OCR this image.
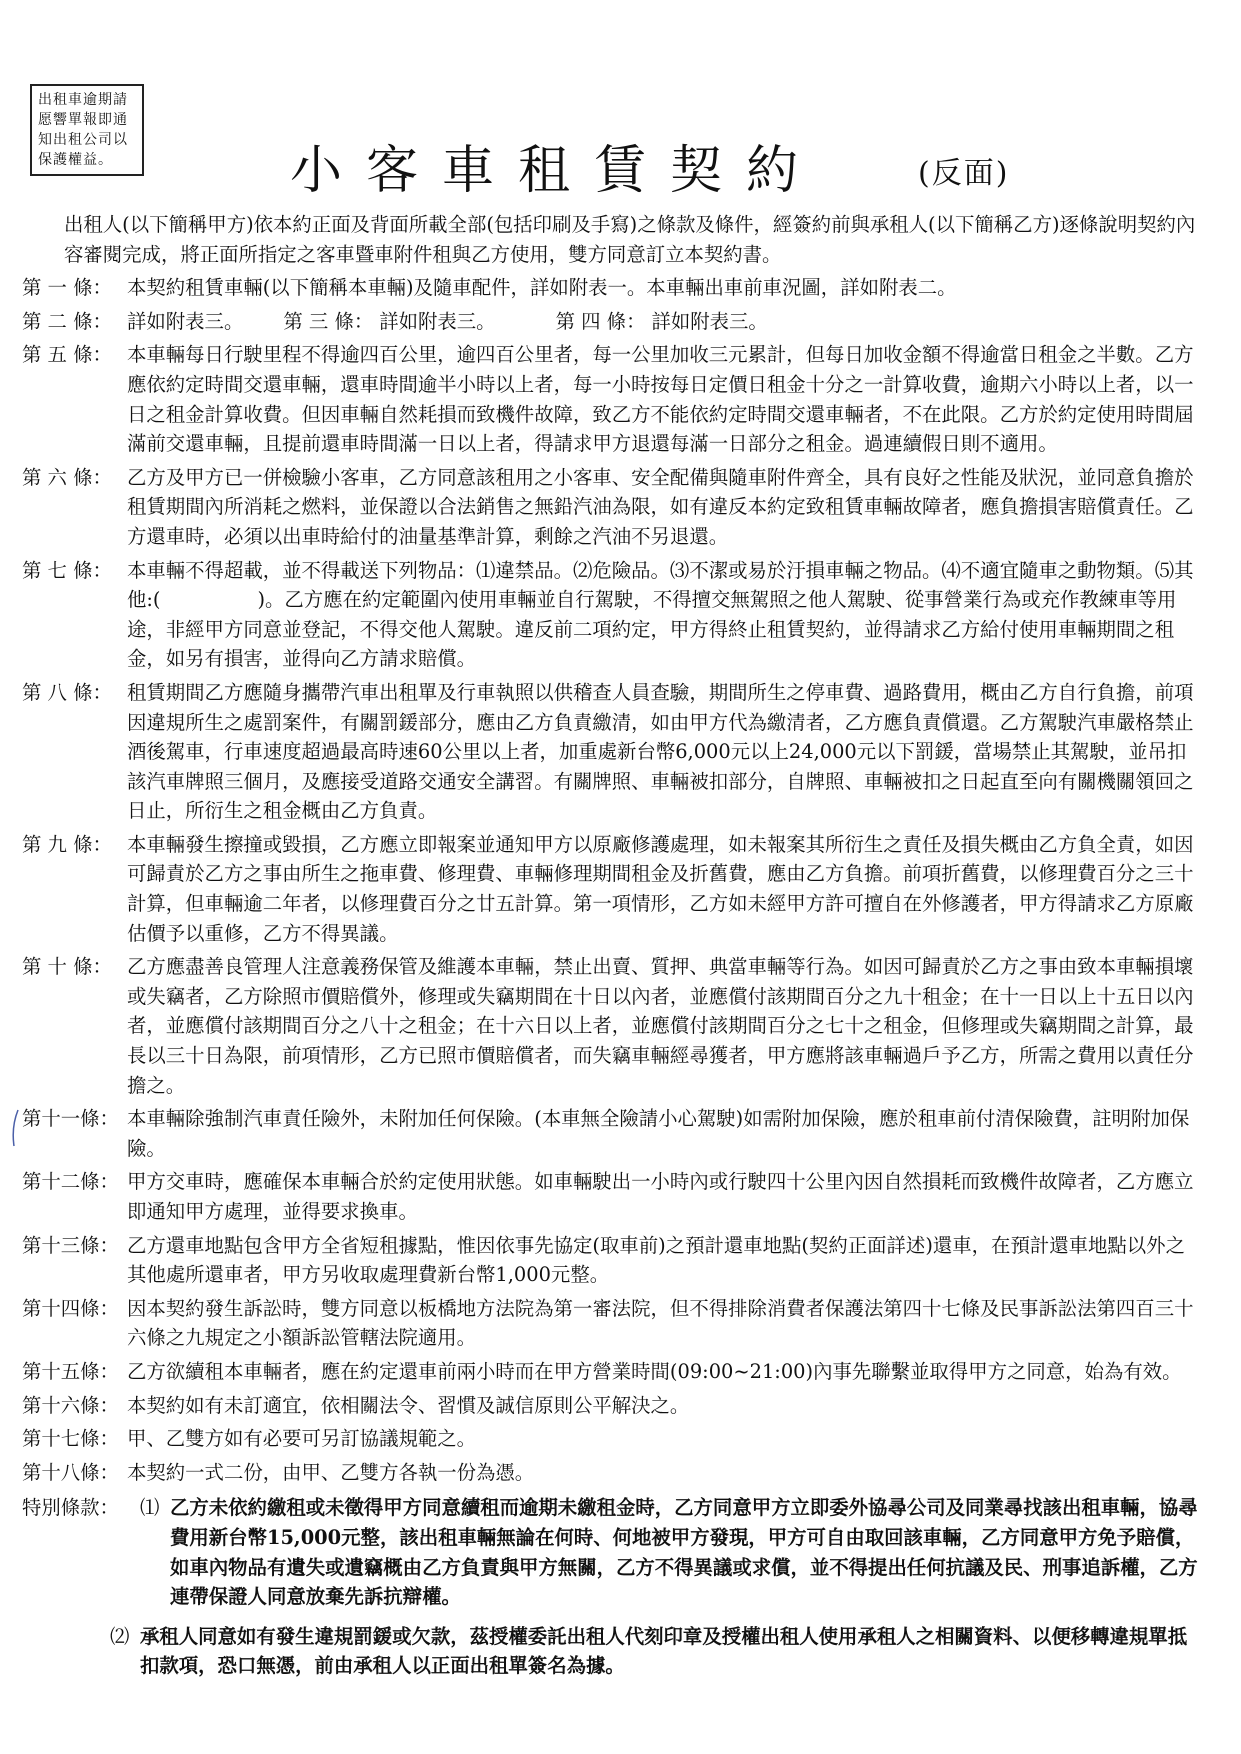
出租車逾期請
愿響單報即通
知出租公司以
保護權益。	小客車租賃契約	(反面)
出租人(以下簡稱甲方)依本約正面及背面所載全部(包括印刷及手寫)之條款及條件，經簽約前與承租人(以下簡稱乙方)逐條說明契約內容審閱完成，將正面所指定之客車暨車附件租與乙方使用，雙方同意訂立本契約書。
第 一 條： 本契約租賃車輛(以下簡稱本車輛)及隨車配件，詳如附表一。本車輛出車前車況圖，詳如附表二。
第 二 條： 詳如附表三。 第 三 條： 詳如附表三。	第 四 條： 詳如附表三。
第 五 條： 本車輛每日行駛里程不得逾四百公里，逾四百公里者，每一公里加收三元累計，但每日加收金額不得逾當日租金之半數。乙方應依約定時間交還車輛，還車時間逾半小時以上者，每一小時按每日定價日租金十分之一計算收費，逾期六小時以上者，以一日之租金計算收費。但因車輛自然耗損而致機件故障，致乙方不能依約定時間交還車輛者，不在此限。乙方於約定使用時間屆滿前交還車輛，且提前還車時間滿一日以上者，得請求甲方退還每滿一日部分之租金。過連續假日則不適用。
第 六 條： 乙方及甲方已一併檢驗小客車，乙方同意該租用之小客車、安全配備與隨車附件齊全，具有良好之性能及狀況，並同意負擔於租賃期間內所消耗之燃料，並保證以合法銷售之無鉛汽油為限，如有違反本約定致租賃車輛故障者，應負擔損害賠償責任。乙方還車時，必須以出車時給付的油量基準計算，剩餘之汽油不另退還。
第 七 條： 本車輛不得超載，並不得載送下列物品：⑴違禁品。⑵危險品。⑶不潔或易於汙損車輛之物品。⑷不適宜隨車之動物類。⑸其他:(　　　　　)。乙方應在約定範圍內使用車輛並自行駕駛，不得擅交無駕照之他人駕駛、從事營業行為或充作教練車等用途，非經甲方同意並登記，不得交他人駕駛。違反前二項約定，甲方得終止租賃契約，並得請求乙方給付使用車輛期間之租金，如另有損害，並得向乙方請求賠償。
第 八 條： 租賃期間乙方應隨身攜帶汽車出租單及行車執照以供稽查人員查驗，期間所生之停車費、過路費用，概由乙方自行負擔，前項因違規所生之處罰案件，有關罰鍰部分，應由乙方負責繳清，如由甲方代為繳清者，乙方應負責償還。乙方駕駛汽車嚴格禁止酒後駕車，行車速度超過最高時速60公里以上者，加重處新台幣6,000元以上24,000元以下罰鍰，當場禁止其駕駛，並吊扣該汽車牌照三個月，及應接受道路交通安全講習。有關牌照、車輛被扣部分，自牌照、車輛被扣之日起直至向有關機關領回之日止，所衍生之租金概由乙方負責。
第 九 條： 本車輛發生擦撞或毀損，乙方應立即報案並通知甲方以原廠修護處理，如未報案其所衍生之責任及損失概由乙方負全責，如因可歸責於乙方之事由所生之拖車費、修理費、車輛修理期間租金及折舊費，應由乙方負擔。前項折舊費，以修理費百分之三十計算，但車輛逾二年者，以修理費百分之廿五計算。第一項情形，乙方如未經甲方許可擅自在外修護者，甲方得請求乙方原廠估價予以重修，乙方不得異議。
第 十 條： 乙方應盡善良管理人注意義務保管及維護本車輛，禁止出賣、質押、典當車輛等行為。如因可歸責於乙方之事由致本車輛損壞或失竊者，乙方除照市價賠償外，修理或失竊期間在十日以內者，並應償付該期間百分之九十租金；在十一日以上十五日以內者，並應償付該期間百分之八十之租金；在十六日以上者，並應償付該期間百分之七十之租金，但修理或失竊期間之計算，最長以三十日為限，前項情形，乙方已照市價賠償者，而失竊車輛經尋獲者，甲方應將該車輛過戶予乙方，所需之費用以責任分擔之。
第十一條： 本車輛除強制汽車責任險外，未附加任何保險。(本車無全險請小心駕駛)如需附加保險，應於租車前付清保險費，註明附加保險。
第十二條： 甲方交車時，應確保本車輛合於約定使用狀態。如車輛駛出一小時內或行駛四十公里內因自然損耗而致機件故障者，乙方應立即通知甲方處理，並得要求換車。
第十三條： 乙方還車地點包含甲方全省短租據點，惟因依事先協定(取車前)之預計還車地點(契約正面詳述)還車，在預計還車地點以外之其他處所還車者，甲方另收取處理費新台幣1,000元整。
第十四條： 因本契約發生訴訟時，雙方同意以板橋地方法院為第一審法院，但不得排除消費者保護法第四十七條及民事訴訟法第四百三十六條之九規定之小額訴訟管轄法院適用。
第十五條： 乙方欲續租本車輛者，應在約定還車前兩小時而在甲方營業時間(09:00~21:00)內事先聯繫並取得甲方之同意，始為有效。
第十六條： 本契約如有未訂適宜，依相關法令、習慣及誠信原則公平解決之。
第十七條： 甲、乙雙方如有必要可另訂協議規範之。
第十八條： 本契約一式二份，由甲、乙雙方各執一份為憑。
特別條款：	⑴ 乙方未依約繳租或未徵得甲方同意續租而逾期未繳租金時，乙方同意甲方立即委外協尋公司及同業尋找該出租車輛，協尋費用新台幣15,000元整，該出租車輛無論在何時、何地被甲方發現，甲方可自由取回該車輛，乙方同意甲方免予賠償，如車內物品有遺失或遺竊概由乙方負責與甲方無關，乙方不得異議或求償，並不得提出任何抗議及民、刑事追訴權，乙方連帶保證人同意放棄先訴抗辯權。
⑵ 承租人同意如有發生違規罰鍰或欠款，茲授權委託出租人代刻印章及授權出租人使用承租人之相關資料、以便移轉違規單抵扣款項，恐口無憑，前由承租人以正面出租單簽名為據。
